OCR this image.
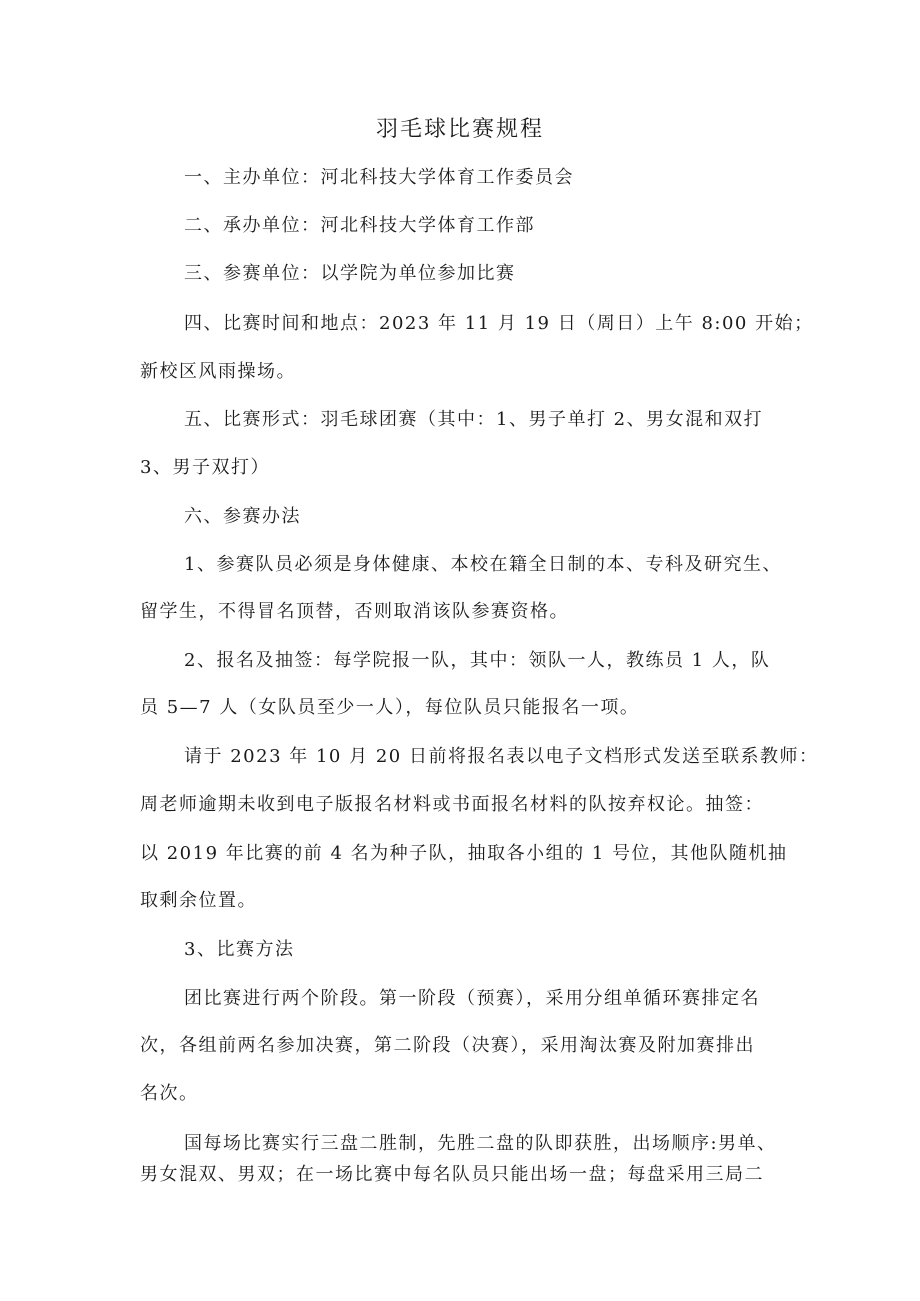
羽毛球比赛规程
一、主办单位：河北科技大学体育工作委员会
二、承办单位：河北科技大学体育工作部
三、参赛单位：以学院为单位参加比赛
四、比赛时间和地点：2023 年 11 月 19 日（周日）上午 8:00 开始；
新校区风雨操场。
五、比赛形式：羽毛球团赛（其中：1、男子单打 2、男女混和双打
3、男子双打）
六、参赛办法
1、参赛队员必须是身体健康、本校在籍全日制的本、专科及研究生、
留学生，不得冒名顶替，否则取消该队参赛资格。
2、报名及抽签：每学院报一队，其中：领队一人，教练员 1 人，队
员 5—7 人（女队员至少一人），每位队员只能报名一项。
请于 2023 年 10 月 20 日前将报名表以电子文档形式发送至联系教师：
周老师逾期未收到电子版报名材料或书面报名材料的队按弃权论。抽签：
以 2019 年比赛的前 4 名为种子队，抽取各小组的 1 号位，其他队随机抽
取剩余位置。
3、比赛方法
团比赛进行两个阶段。第一阶段（预赛），采用分组单循环赛排定名
次，各组前两名参加决赛，第二阶段（决赛），采用淘汰赛及附加赛排出
名次。
国每场比赛实行三盘二胜制，先胜二盘的队即获胜，出场顺序:男单、
男女混双、男双；在一场比赛中每名队员只能出场一盘；每盘采用三局二
